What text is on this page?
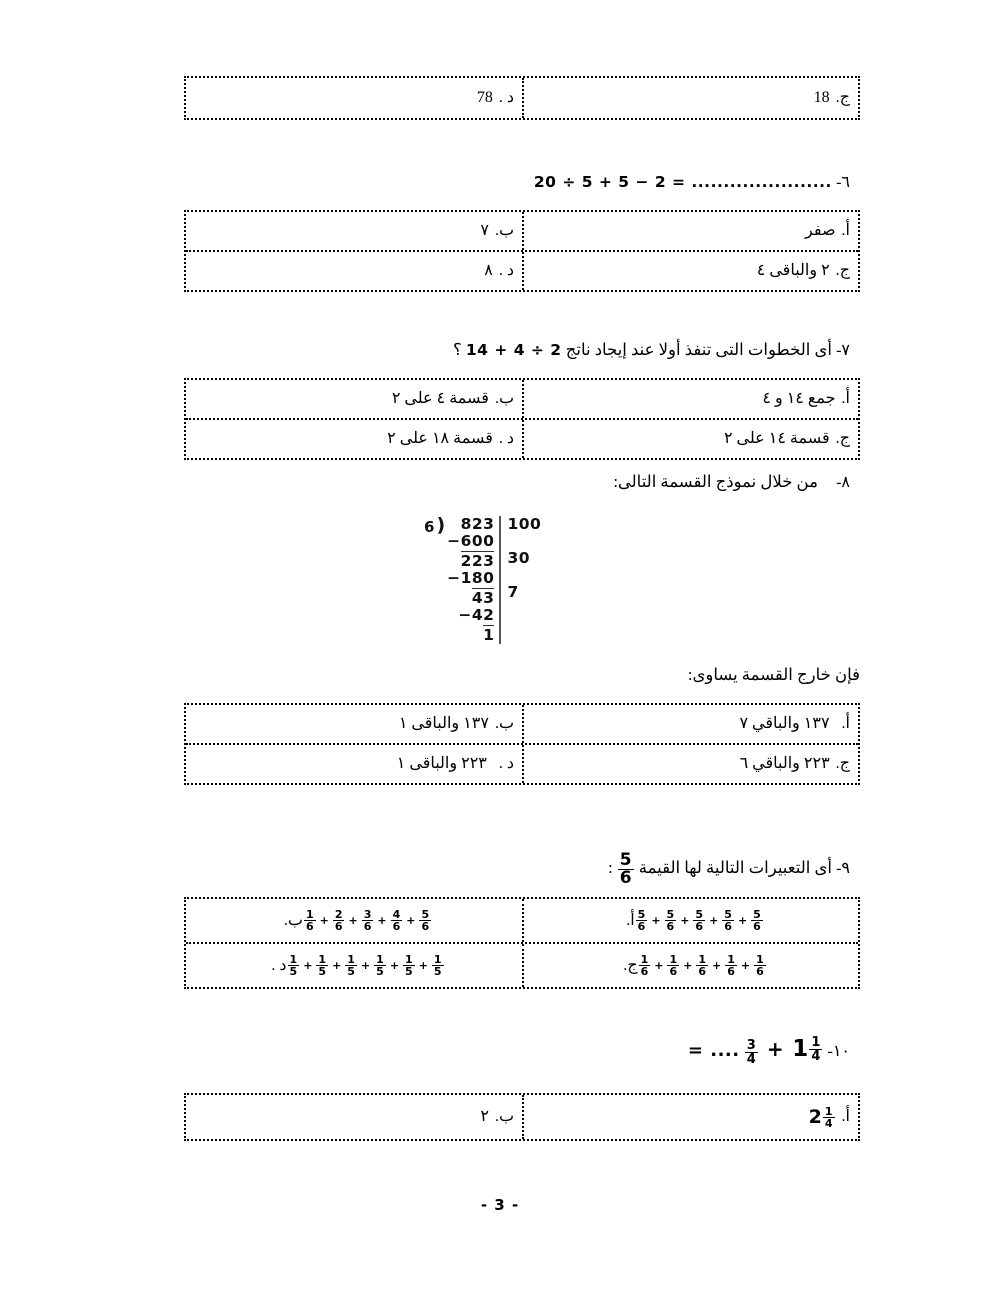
ج.
18
د .
78
٦- 20 ÷ 5 + 5 − 2 = ......................
أ.
صفر
ب.
٧
ج.
٢ والباقى ٤
د .
٨
٧- أى الخطوات التى تنفذ أولا عند إيجاد ناتج 14 + 4 ÷ 2 ؟
أ.
جمع ١٤ و ٤
ب.
قسمة ٤ على ٢
ج.
قسمة ١٤ على ٢
د .
قسمة ١٨ على ٢
٨- من خلال نموذج القسمة التالى:
6 ) 823
−600
223
−180
43
−42
1
100
30
7
فإن خارج القسمة يساوى:
أ.
١٣٧ والباقي ٧
ب.
١٣٧ والباقى ١
ج.
٢٢٣ والباقي ٦
د .
٢٢٣ والباقى ١
٩- أى التعبيرات التالية لها القيمة
$\frac{5}{6}$
:
أ. $\frac{5}{6} + \frac{5}{6} + \frac{5}{6} + \frac{5}{6} + \frac{5}{6}$
ب. $\frac{1}{6} + \frac{2}{6} + \frac{3}{6} + \frac{4}{6} + \frac{5}{6}$
ج. $\frac{1}{6} + \frac{1}{6} + \frac{1}{6} + \frac{1}{6} + \frac{1}{6}$
د . $\frac{1}{5} + \frac{1}{5} + \frac{1}{5} + \frac{1}{5} + \frac{1}{5} + \frac{1}{5}$
١٠-
$1 \frac{1}{4}$
+
$\frac{3}{4}$
= ....
أ.
$2 \frac{1}{4}$
ب.
٢
- 3 -
